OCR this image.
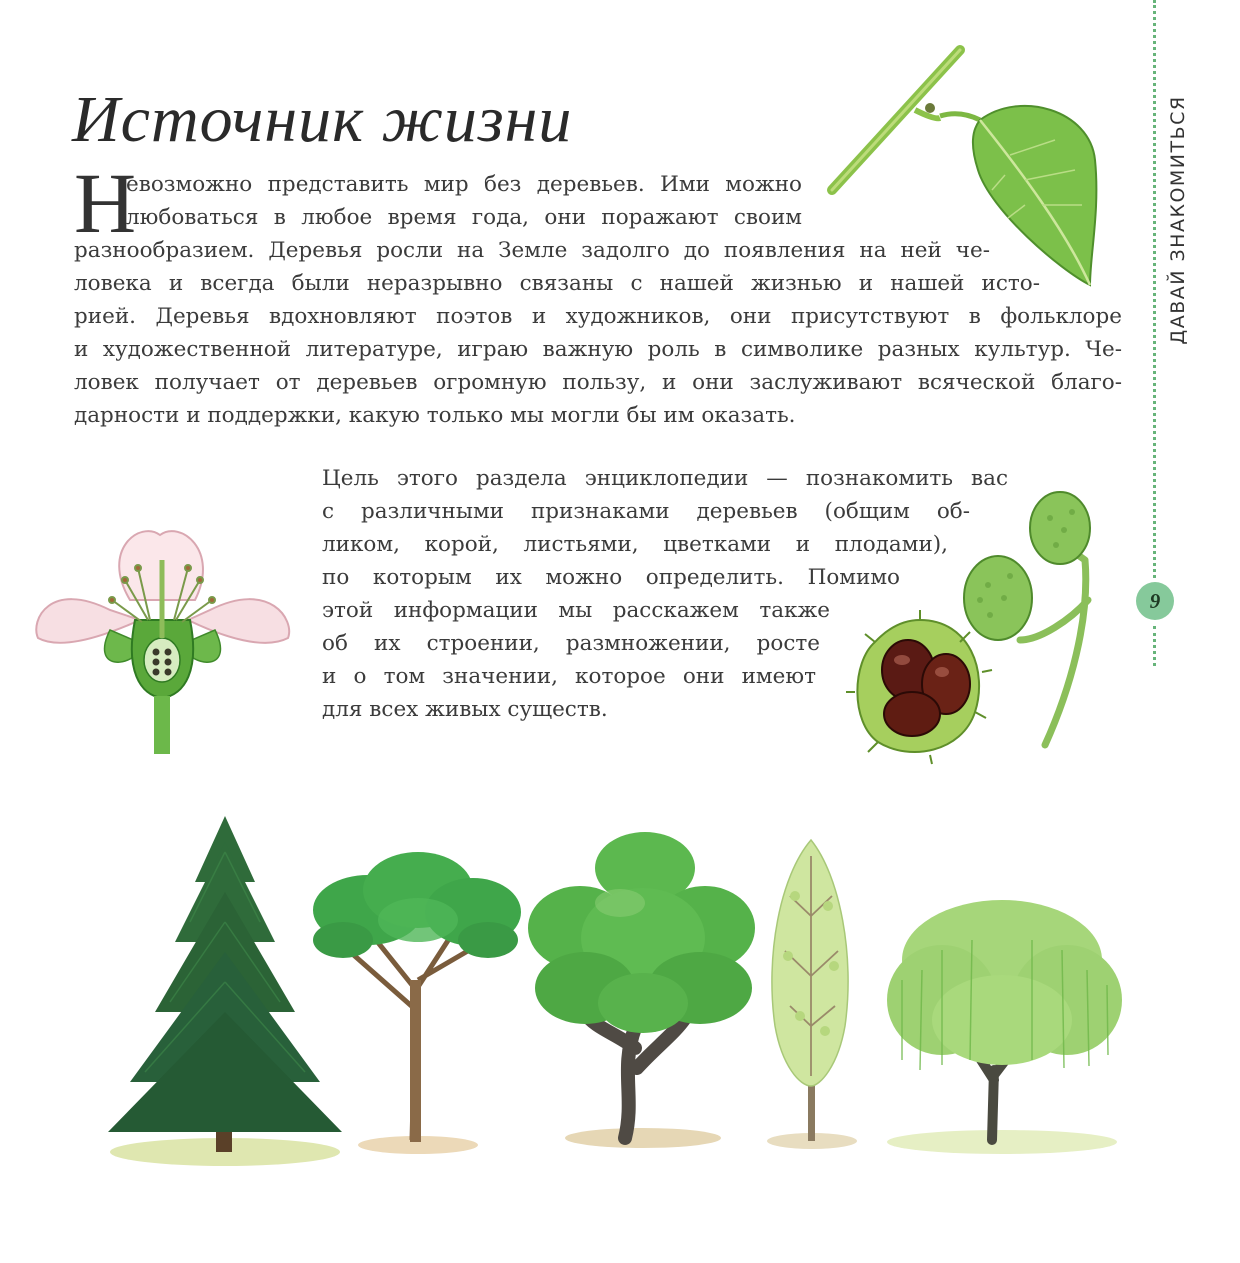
Источник жизни
Н
евозможно представить мир без деревьев. Ими можно
любоваться в любое время года, они поражают своим
разнообразием. Деревья росли на Земле задолго до появления на ней че-
ловека и всегда были неразрывно связаны с нашей жизнью и нашей исто-
рией. Деревья вдохновляют поэтов и художников, они присутствуют в фольклоре
и художественной литературе, играю важную роль в символике разных культур. Че-
ловек получает от деревьев огромную пользу, и они заслуживают всяческой благо-
дарности и поддержки, какую только мы могли бы им оказать.
ДАВАЙ ЗНАКОМИТЬСЯ
9
Цель этого раздела энциклопедии — познакомить вас
с различными признаками деревьев (общим об-
ликом, корой, листьями, цветками и плодами),
по которым их можно определить. Помимо
этой информации мы расскажем также
об их строении, размножении, росте
и о том значении, которое они имеют
для всех живых существ.
